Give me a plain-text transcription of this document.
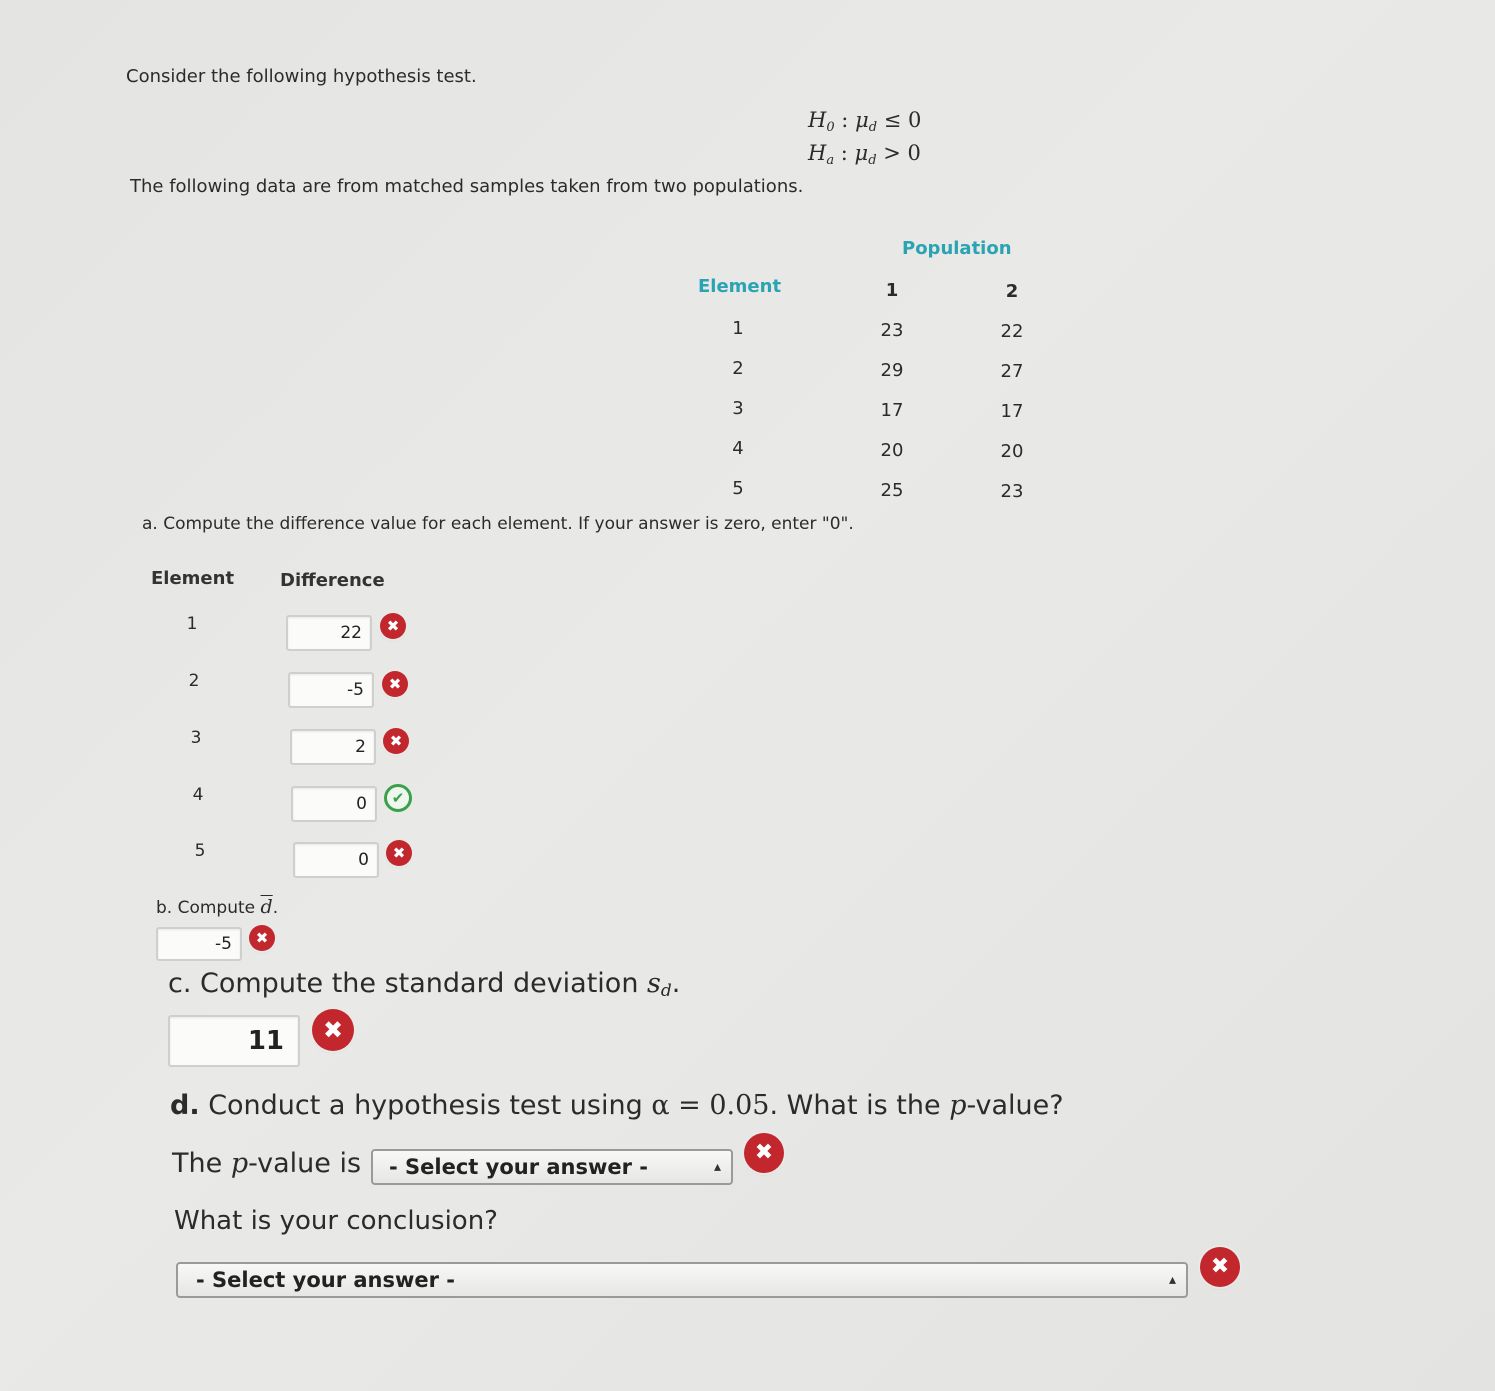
Consider the following hypothesis test.
$H_0$ : $\mu_d \le 0$
$H_a$ : $\mu_d > 0$
The following data are from matched samples taken from two populations.
Population
Element	1	2
1	23	22
2	29	27
3	17	17
4	20	20
5	25	23
a. Compute the difference value for each element. If your answer is zero, enter "0".
Element	Difference
1
22	✖
2
-5	✖
3
2	✖
4
0	✔
5
0	✖
b. Compute $\overline{d}$.
-5
✖
c. Compute the standard deviation sd.
11
✖
d. Conduct a hypothesis test using α = 0.05. What is the p-value?
The p-value is	- Select your answer -	▴

✖
What is your conclusion?
- Select your answer -	▴
✖
